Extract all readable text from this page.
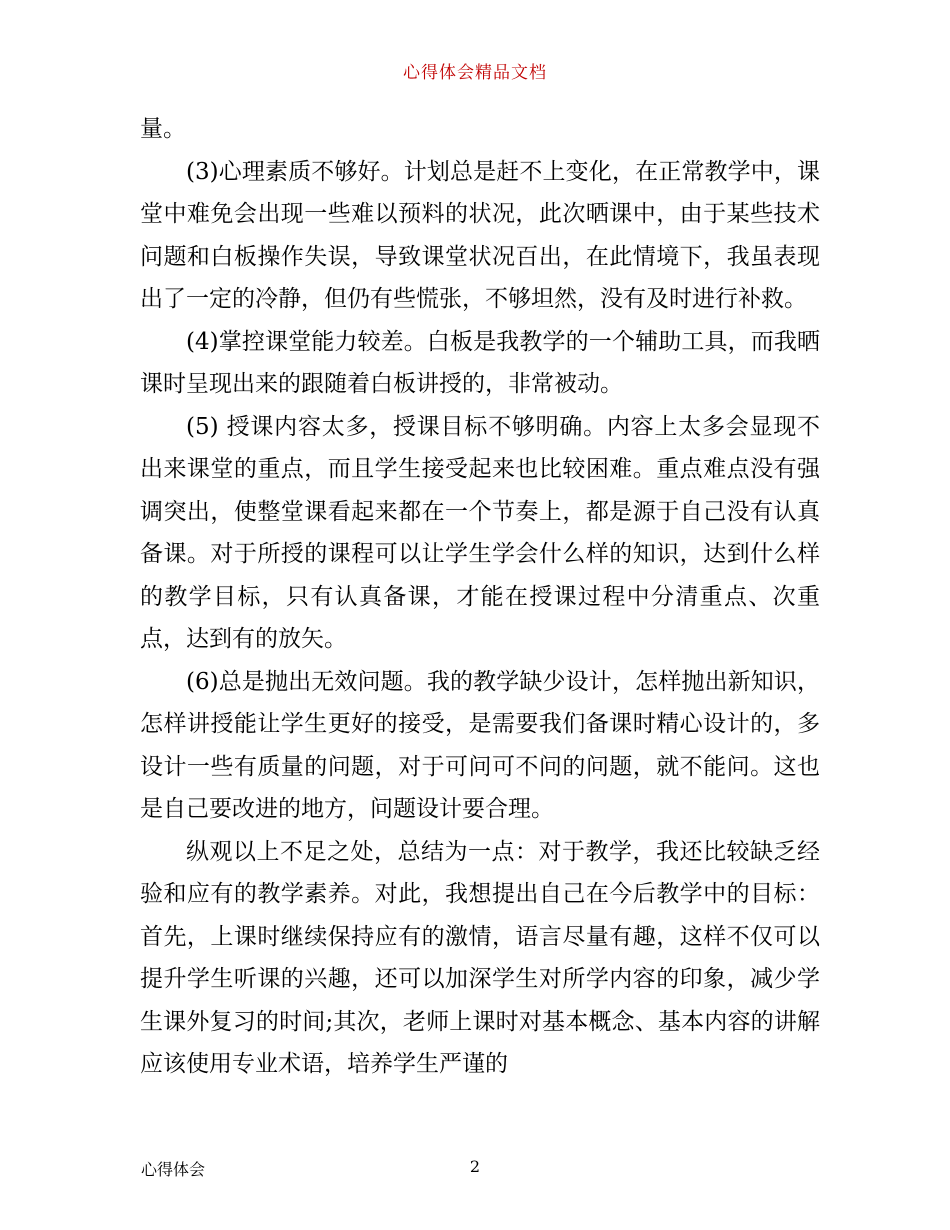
心得体会精品文档

量。

(3)心理素质不够好。计划总是赶不上变化，在正常教学中，课堂中难免会出现一些难以预料的状况，此次晒课中，由于某些技术问题和白板操作失误，导致课堂状况百出，在此情境下，我虽表现出了一定的冷静，但仍有些慌张，不够坦然，没有及时进行补救。

(4)掌控课堂能力较差。白板是我教学的一个辅助工具，而我晒课时呈现出来的跟随着白板讲授的，非常被动。

(5) 授课内容太多，授课目标不够明确。内容上太多会显现不出来课堂的重点，而且学生接受起来也比较困难。重点难点没有强调突出，使整堂课看起来都在一个节奏上，都是源于自己没有认真备课。对于所授的课程可以让学生学会什么样的知识，达到什么样的教学目标，只有认真备课，才能在授课过程中分清重点、次重点，达到有的放矢。

(6)总是抛出无效问题。我的教学缺少设计，怎样抛出新知识，怎样讲授能让学生更好的接受，是需要我们备课时精心设计的，多设计一些有质量的问题，对于可问可不问的问题，就不能问。这也是自己要改进的地方，问题设计要合理。

纵观以上不足之处，总结为一点：对于教学，我还比较缺乏经验和应有的教学素养。对此，我想提出自己在今后教学中的目标：首先，上课时继续保持应有的激情，语言尽量有趣，这样不仅可以提升学生听课的兴趣，还可以加深学生对所学内容的印象，减少学生课外复习的时间;其次，老师上课时对基本概念、基本内容的讲解应该使用专业术语，培养学生严谨的

心得体会	2
